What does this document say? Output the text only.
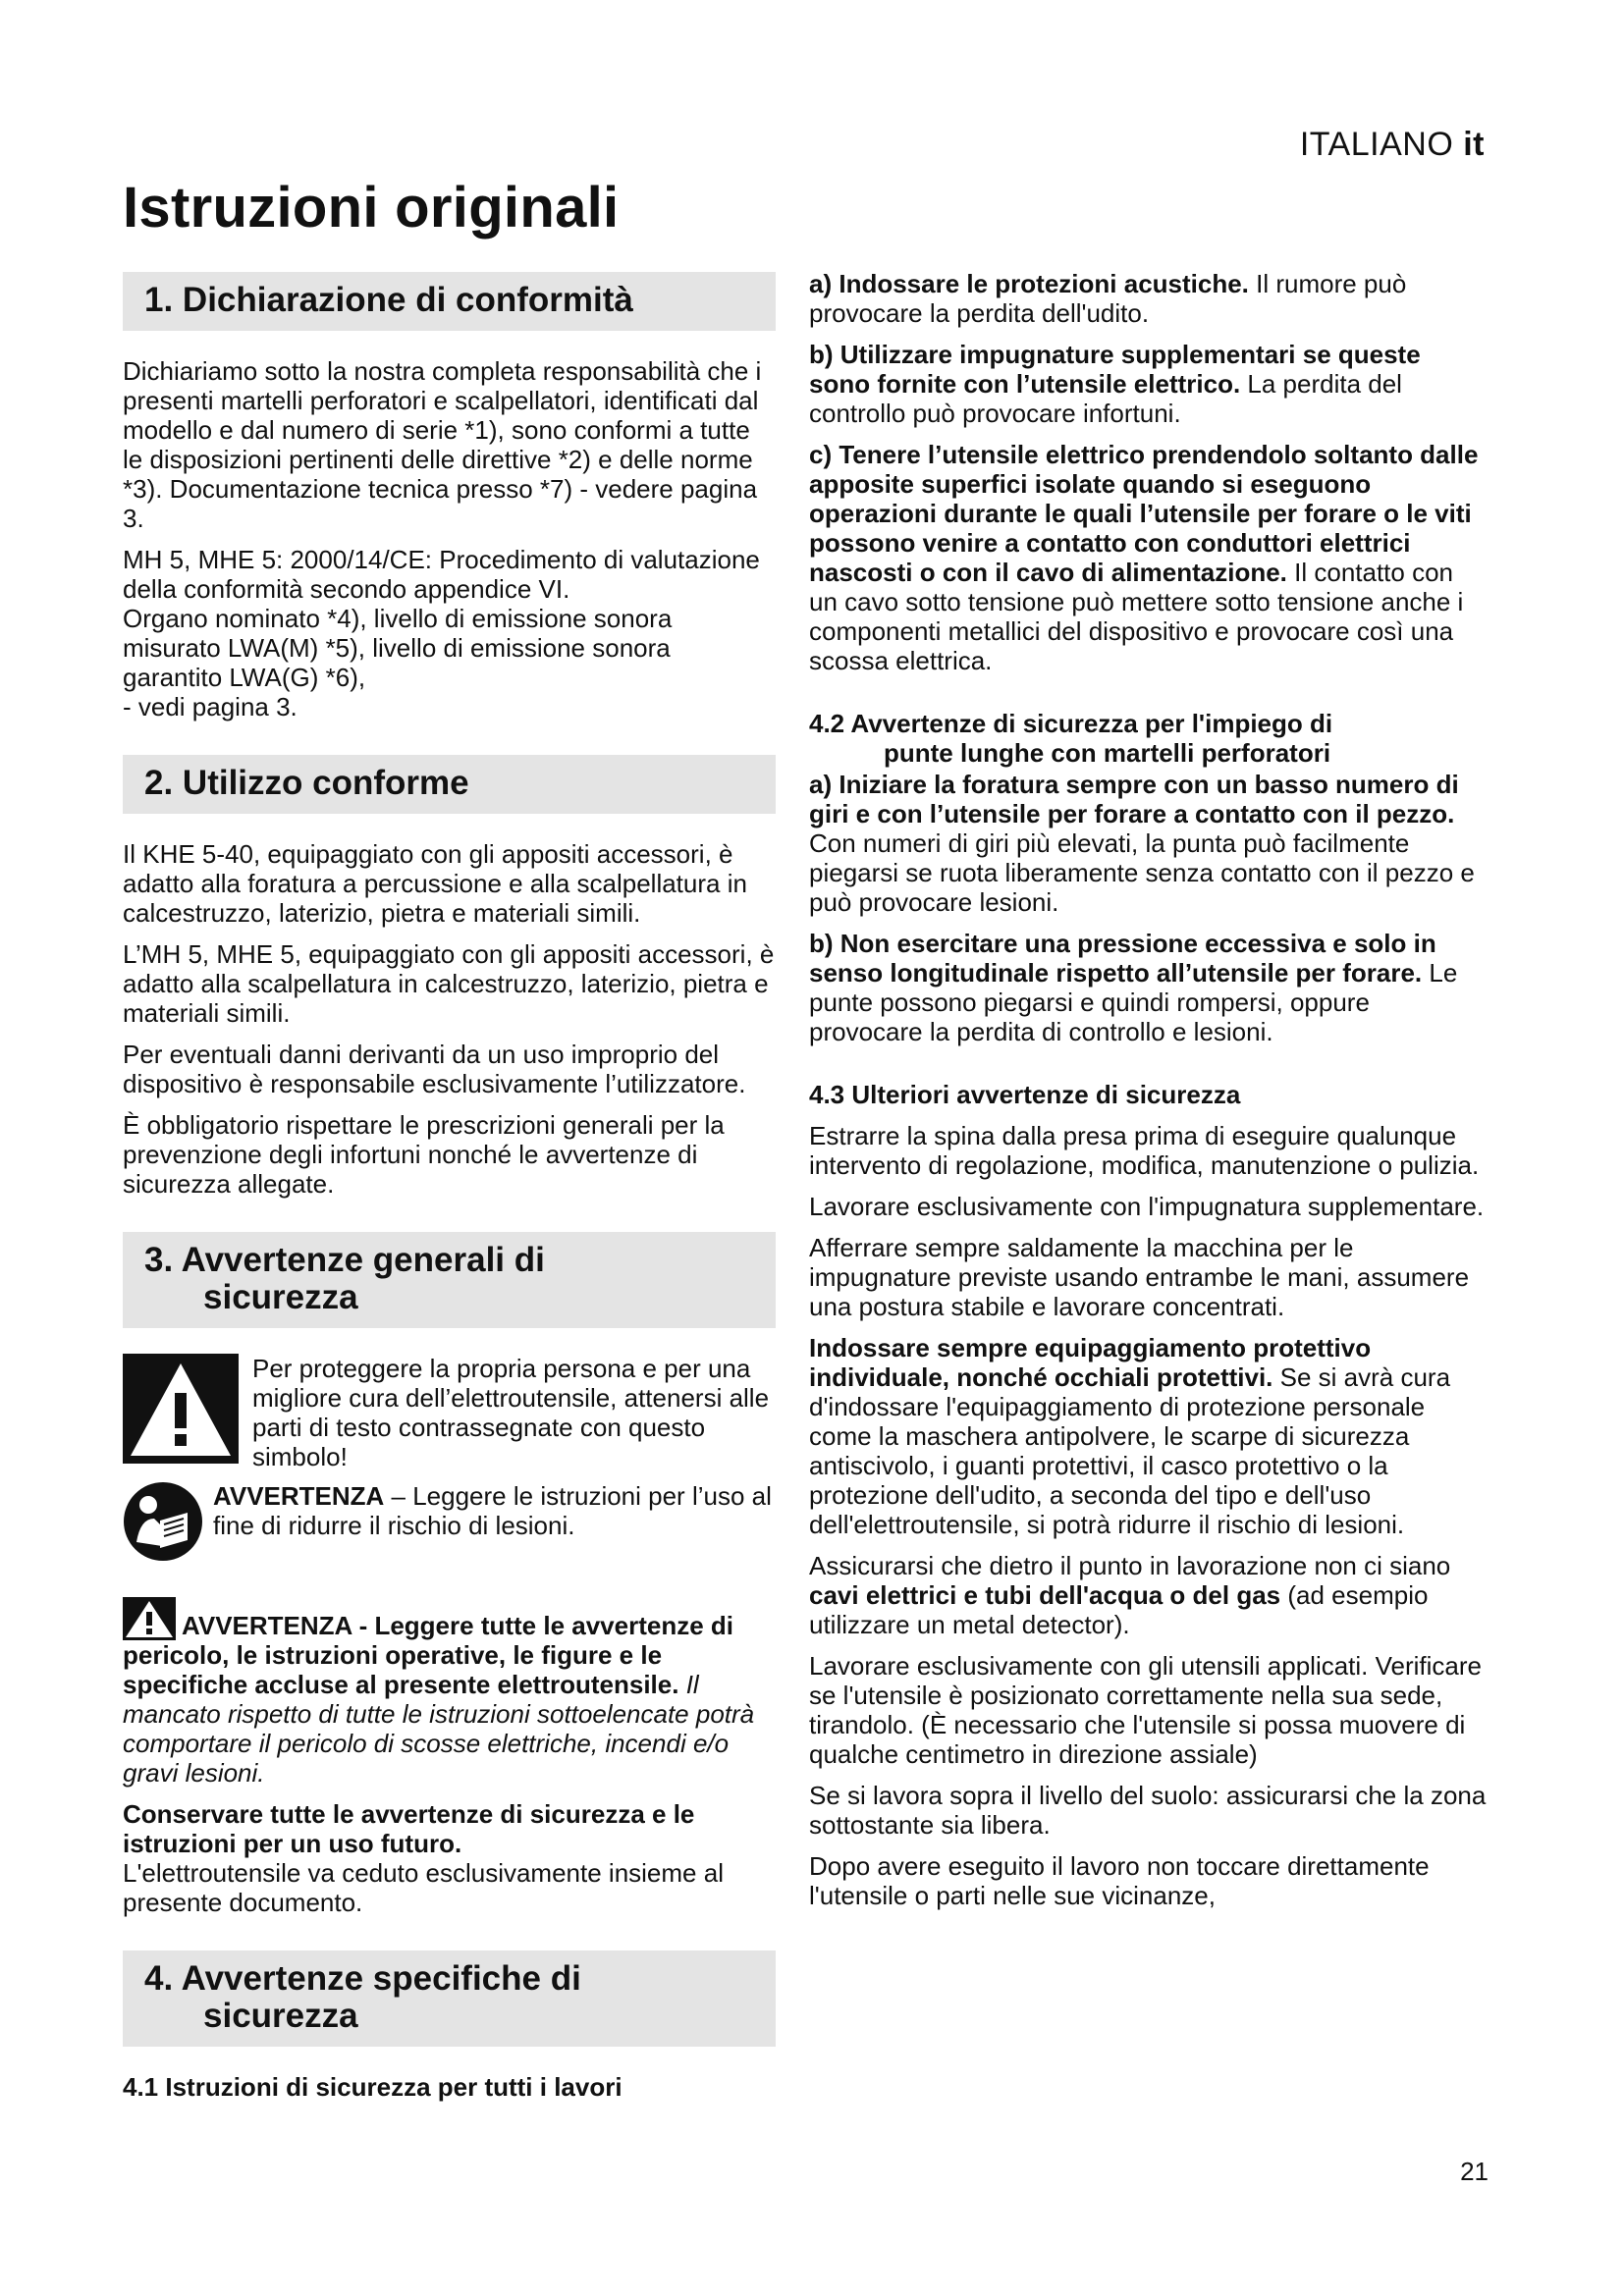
ITALIANO it
Istruzioni originali
1. Dichiarazione di conformità

Dichiariamo sotto la nostra completa responsabilità che i presenti martelli perforatori e scalpellatori, identificati dal modello e dal numero di serie *1), sono conformi a tutte le disposizioni pertinenti delle direttive *2) e delle norme *3). Documentazione tecnica presso *7) - vedere pagina 3.

MH 5, MHE 5: 2000/14/CE: Procedimento di valutazione della conformità secondo appendice VI.

Organo nominato *4), livello di emissione sonora misurato LWA(M) *5), livello di emissione sonora garantito LWA(G) *6),

- vedi pagina 3.

2. Utilizzo conforme

Il KHE 5-40, equipaggiato con gli appositi accessori, è adatto alla foratura a percussione e alla scalpellatura in calcestruzzo, laterizio, pietra e materiali simili.

L’MH 5, MHE 5, equipaggiato con gli appositi accessori, è adatto alla scalpellatura in calcestruzzo, laterizio, pietra e materiali simili.

Per eventuali danni derivanti da un uso improprio del dispositivo è responsabile esclusivamente l’utilizzatore.

È obbligatorio rispettare le prescrizioni generali per la prevenzione degli infortuni nonché le avvertenze di sicurezza allegate.

3. Avvertenze generali di
sicurezza
Per proteggere la propria persona e per una migliore cura dell’elettroutensile, attenersi alle parti di testo contrassegnate con questo simbolo!
AVVERTENZA – Leggere le istruzioni per l’uso al fine di ridurre il rischio di lesioni.

AVVERTENZA - Leggere tutte le avvertenze di pericolo, le istruzioni operative, le figure e le specifiche accluse al presente elettroutensile. Il mancato rispetto di tutte le istruzioni sottoelencate potrà comportare il pericolo di scosse elettriche, incendi e/o gravi lesioni.

Conservare tutte le avvertenze di sicurezza e le istruzioni per un uso futuro.

L'elettroutensile va ceduto esclusivamente insieme al presente documento.

4. Avvertenze specifiche di
sicurezza

4.1 Istruzioni di sicurezza per tutti i lavori

a) Indossare le protezioni acustiche. Il rumore può provocare la perdita dell'udito.

b) Utilizzare impugnature supplementari se queste sono fornite con l’utensile elettrico. La perdita del controllo può provocare infortuni.

c) Tenere l’utensile elettrico prendendolo soltanto dalle apposite superfici isolate quando si eseguono operazioni durante le quali l’utensile per forare o le viti possono venire a contatto con conduttori elettrici nascosti o con il cavo di alimentazione. Il contatto con un cavo sotto tensione può mettere sotto tensione anche i componenti metallici del dispositivo e provocare così una scossa elettrica.

4.2 Avvertenze di sicurezza per l'impiego di
punte lunghe con martelli perforatori

a) Iniziare la foratura sempre con un basso numero di giri e con l’utensile per forare a contatto con il pezzo. Con numeri di giri più elevati, la punta può facilmente piegarsi se ruota liberamente senza contatto con il pezzo e può provocare lesioni.

b) Non esercitare una pressione eccessiva e solo in senso longitudinale rispetto all’utensile per forare. Le punte possono piegarsi e quindi rompersi, oppure provocare la perdita di controllo e lesioni.

4.3 Ulteriori avvertenze di sicurezza

Estrarre la spina dalla presa prima di eseguire qualunque intervento di regolazione, modifica, manutenzione o pulizia.

Lavorare esclusivamente con l'impugnatura supplementare.

Afferrare sempre saldamente la macchina per le impugnature previste usando entrambe le mani, assumere una postura stabile e lavorare concentrati.

Indossare sempre equipaggiamento protettivo individuale, nonché occhiali protettivi. Se si avrà cura d'indossare l'equipaggiamento di protezione personale come la maschera antipolvere, le scarpe di sicurezza antiscivolo, i guanti protettivi, il casco protettivo o la protezione dell'udito, a seconda del tipo e dell'uso dell'elettroutensile, si potrà ridurre il rischio di lesioni.

Assicurarsi che dietro il punto in lavorazione non ci siano cavi elettrici e tubi dell'acqua o del gas (ad esempio utilizzare un metal detector).

Lavorare esclusivamente con gli utensili applicati. Verificare se l'utensile è posizionato correttamente nella sua sede, tirandolo. (È necessario che l'utensile si possa muovere di qualche centimetro in direzione assiale)

Se si lavora sopra il livello del suolo: assicurarsi che la zona sottostante sia libera.

Dopo avere eseguito il lavoro non toccare direttamente l'utensile o parti nelle sue vicinanze,

21
